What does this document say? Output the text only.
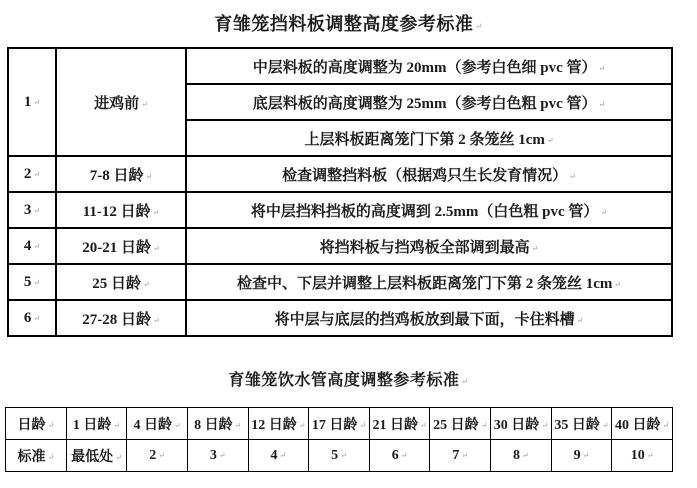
育雏笼挡料板调整高度参考标准 ↵
1 ↵	进鸡前 ↵	中层料板的高度调整为 20mm（参考白色细 pvc 管） ↵
		底层料板的高度调整为 25mm（参考白色粗 pvc 管） ↵
		上层料板距离笼门下第 2 条笼丝 1cm ↵
2 ↵	7-8 日龄 ↵	检查调整挡料板（根据鸡只生长发育情况） ↵
3 ↵	11-12 日龄 ↵	将中层挡料挡板的高度调到 2.5mm（白色粗 pvc 管） ↵
4 ↵	20-21 日龄 ↵	将挡料板与挡鸡板全部调到最高 ↵
5 ↵	25 日龄 ↵	检查中、下层并调整上层料板距离笼门下第 2 条笼丝 1cm ↵
6 ↵	27-28 日龄 ↵	将中层与底层的挡鸡板放到最下面，卡住料槽 ↵
育雏笼饮水管高度调整参考标准 ↵
日龄 ↵	1 日龄 ↵	4 日龄 ↵	8 日龄 ↵	12 日龄 ↵	17 日龄 ↵	21 日龄 ↵	25 日龄 ↵	30 日龄 ↵	35 日龄 ↵	40 日龄 ↵
标准 ↵	最低处 ↵	2 ↵	3 ↵	4 ↵	5 ↵	6 ↵	7 ↵	8 ↵	9 ↵	10 ↵
